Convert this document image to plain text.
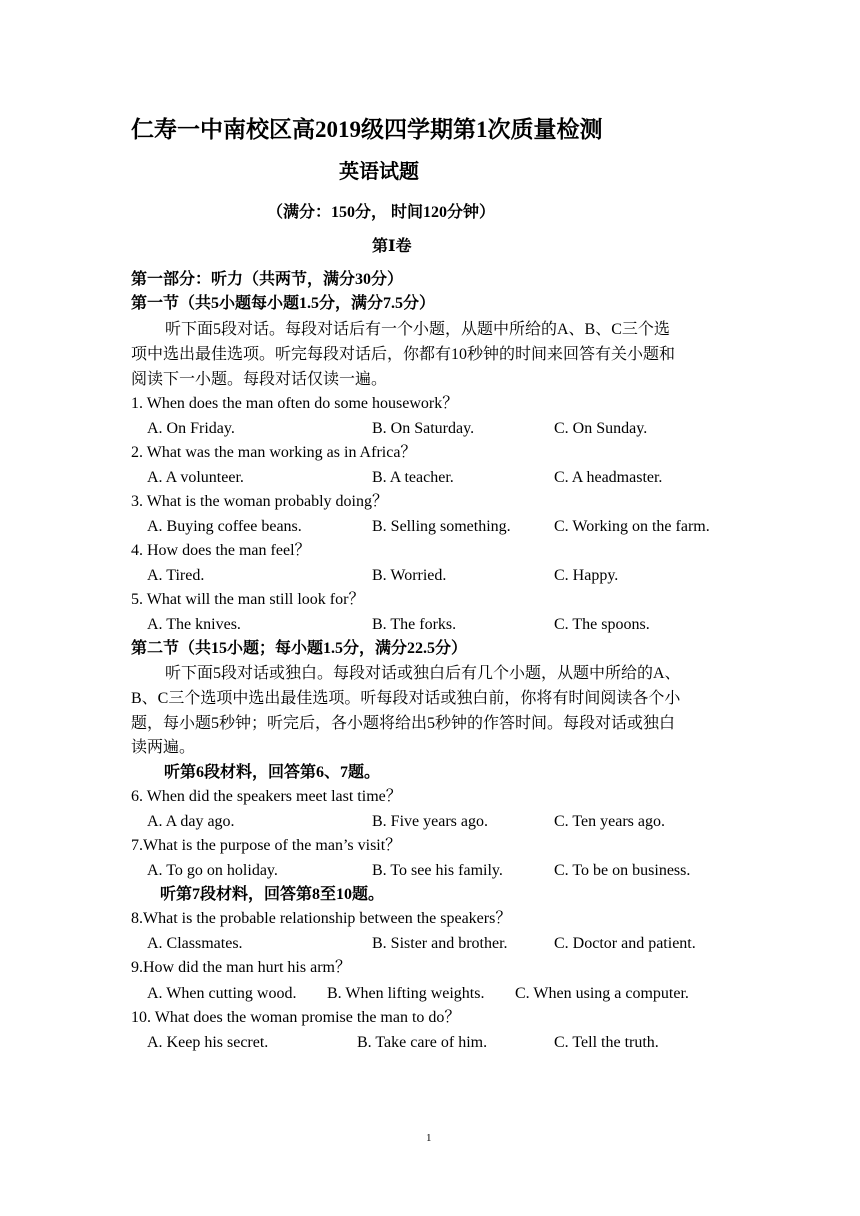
仁寿一中南校区高2019级四学期第1次质量检测
英语试题
（满分：150分， 时间120分钟）
第Ⅰ卷
第一部分：听力（共两节，满分30分）
第一节（共5小题每小题1.5分，满分7.5分）
听下面5段对话。每段对话后有一个小题，从题中所给的A、B、C三个选
项中选出最佳选项。听完每段对话后，你都有10秒钟的时间来回答有关小题和
阅读下一小题。每段对话仅读一遍。
1. When does the man often do some housework？
A. On Friday.	B. On Saturday.	C. On Sunday.
2. What was the man working as in Africa？
A. A volunteer.	B. A teacher.	C. A headmaster.
3. What is the woman probably doing？
A. Buying coffee beans.	B. Selling something.	C. Working on the farm.
4. How does the man feel？
A. Tired.	B. Worried.	C. Happy.
5. What will the man still look for？
A. The knives.	B. The forks.	C. The spoons.
第二节（共15小题；每小题1.5分，满分22.5分）
听下面5段对话或独白。每段对话或独白后有几个小题，从题中所给的A、
B、C三个选项中选出最佳选项。听每段对话或独白前，你将有时间阅读各个小
题，每小题5秒钟；听完后，各小题将给出5秒钟的作答时间。每段对话或独白
读两遍。
听第6段材料，回答第6、7题。
6. When did the speakers meet last time？
A. A day ago.	B. Five years ago.	C. Ten years ago.
7.What is the purpose of the man’s visit？
A. To go on holiday.	B. To see his family.	C. To be on business.
听第7段材料，回答第8至10题。
8.What is the probable relationship between the speakers？
A. Classmates.	B. Sister and brother.	C. Doctor and patient.
9.How did the man hurt his arm？
A. When cutting wood. B. When lifting weights. C. When using a computer.
10. What does the woman promise the man to do？
A. Keep his secret.	B. Take care of him.	C. Tell the truth.
1
